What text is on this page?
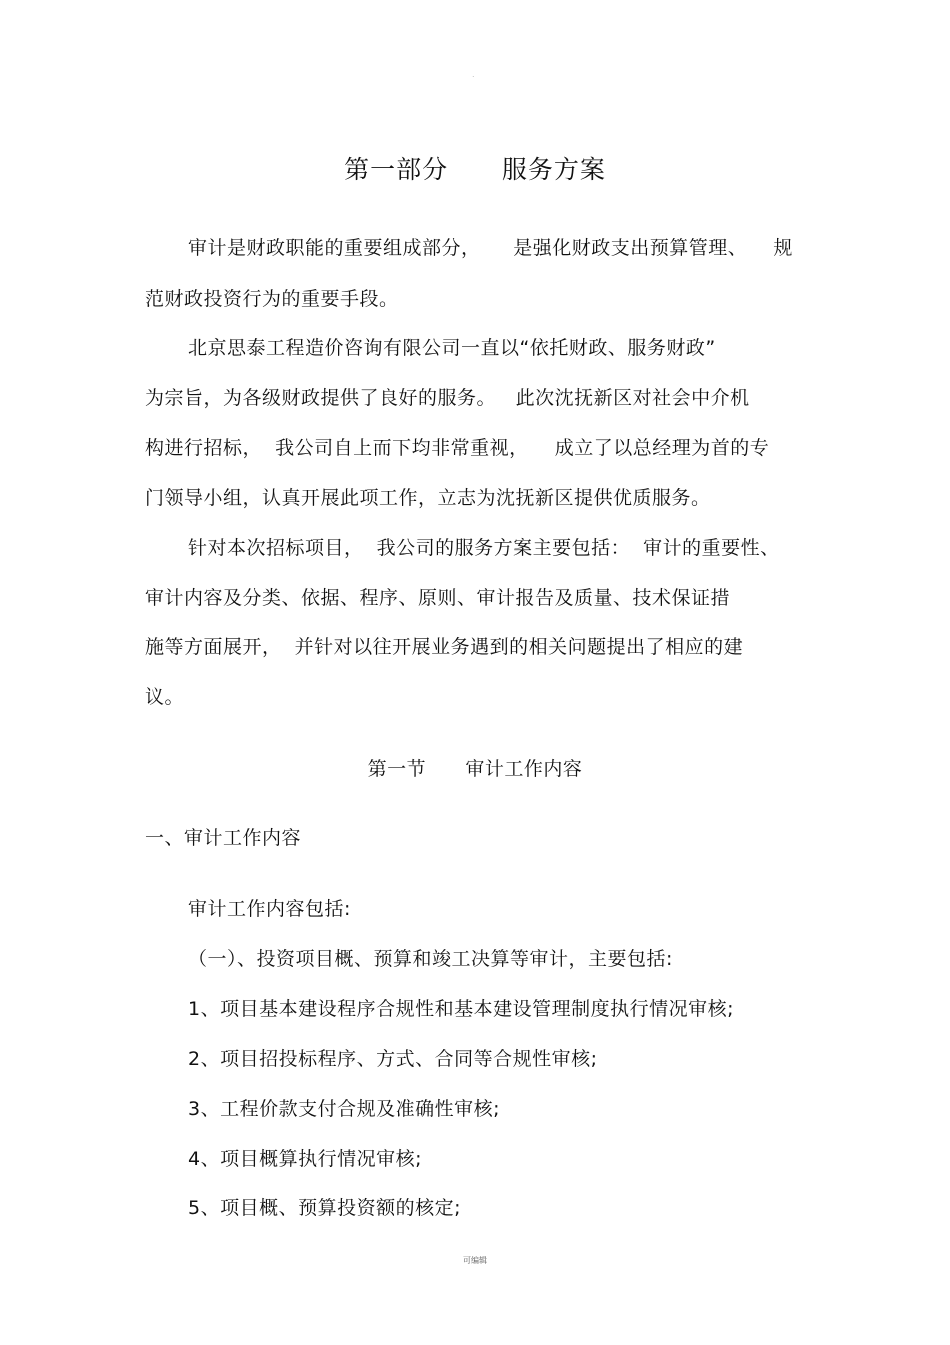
.
第一部分      服务方案
审计是财政职能的重要组成部分，     是强化财政支出预算管理、    规
范财政投资行为的重要手段。
北京思泰工程造价咨询有限公司一直以“依托财政、服务财政”
为宗旨，为各级财政提供了良好的服务。   此次沈抚新区对社会中介机
构进行招标，  我公司自上而下均非常重视，    成立了以总经理为首的专
门领导小组，认真开展此项工作，立志为沈抚新区提供优质服务。
针对本次招标项目，  我公司的服务方案主要包括：  审计的重要性、
审计内容及分类、依据、程序、原则、审计报告及质量、技术保证措
施等方面展开，  并针对以往开展业务遇到的相关问题提出了相应的建
议。
第一节      审计工作内容
一、审计工作内容
审计工作内容包括:
（一）、投资项目概、预算和竣工决算等审计，主要包括:
1、项目基本建设程序合规性和基本建设管理制度执行情况审核;
2、项目招投标程序、方式、合同等合规性审核;
3、工程价款支付合规及准确性审核;
4、项目概算执行情况审核;
5、项目概、预算投资额的核定;
可编辑
